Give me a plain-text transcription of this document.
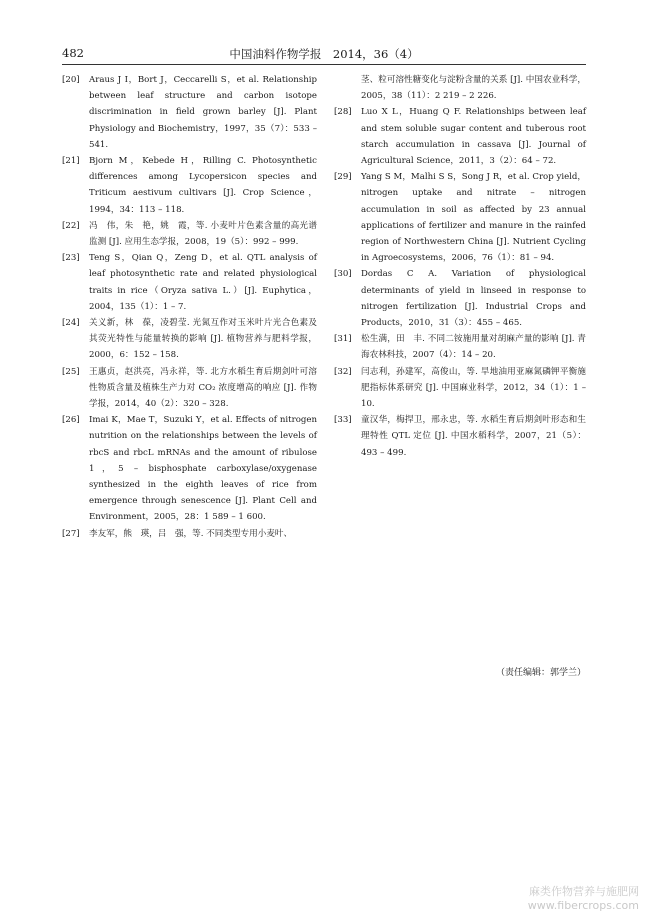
482	中国油料作物学报　2014，36（4）
[20] Araus J I，Bort J，Ceccarelli S，et al. Relationship between leaf structure and carbon isotope discrimination in field grown barley [J]. Plant Physiology and Biochemistry，1997，35（7）：533 – 541.
[21] Bjorn M，Kebede H，Rilling C. Photosynthetic differences among Lycopersicon species and Triticum aestivum cultivars [J]. Crop Science，1994，34：113 – 118.
[22] 冯　伟，朱　艳，姚　霞，等. 小麦叶片色素含量的高光谱监测 [J]. 应用生态学报，2008，19（5）：992 – 999.
[23] Teng S，Qian Q，Zeng D，et al. QTL analysis of leaf photosynthetic rate and related physiological traits in rice（Oryza sativa L.）[J]. Euphytica，2004，135（1）：1 – 7.
[24] 关义新，林　葆，凌碧莹. 光氮互作对玉米叶片光合色素及其荧光特性与能量转换的影响 [J]. 植物营养与肥料学报，2000，6：152 – 158.
[25] 王惠贞，赵洪亮，冯永祥，等. 北方水稻生育后期剑叶可溶性物质含量及植株生产力对 CO₂ 浓度增高的响应 [J]. 作物学报，2014，40（2）：320 – 328.
[26] Imai K，Mae T，Suzuki Y，et al. Effects of nitrogen nutrition on the relationships between the levels of rbcS and rbcL mRNAs and the amount of ribulose 1，5 – bisphosphate carboxylase/oxygenase synthesized in the eighth leaves of rice from emergence through senescence [J]. Plant Cell and Environment，2005，28：1 589 – 1 600.
[27] 李友军，熊　瑛，吕　强，等. 不同类型专用小麦叶、
茎、粒可溶性糖变化与淀粉含量的关系 [J]. 中国农业科学，2005，38（11）：2 219 – 2 226.
[28] Luo X L，Huang Q F. Relationships between leaf and stem soluble sugar content and tuberous root starch accumulation in cassava [J]. Journal of Agricultural Science，2011，3（2）：64 – 72.
[29] Yang S M，Malhi S S，Song J R，et al. Crop yield，nitrogen uptake and nitrate – nitrogen accumulation in soil as affected by 23 annual applications of fertilizer and manure in the rainfed region of Northwestern China [J]. Nutrient Cycling in Agroecosystems，2006，76（1）：81 – 94.
[30] Dordas C A. Variation of physiological determinants of yield in linseed in response to nitrogen fertilization [J]. Industrial Crops and Products，2010，31（3）：455 – 465.
[31] 松生满，田　丰. 不同二铵施用量对胡麻产量的影响 [J]. 青海农林科技，2007（4）：14 – 20.
[32] 闫志利，孙建军，高俊山，等. 旱地油用亚麻氮磷钾平衡施肥指标体系研究 [J]. 中国麻业科学，2012，34（1）：1 – 10.
[33] 童汉华，梅捍卫，邢永忠，等. 水稻生育后期剑叶形态和生理特性 QTL 定位 [J]. 中国水稻科学，2007，21（5）：493 – 499.
（责任编辑：郭学兰）
麻类作物营养与施肥网
www.fibercrops.com
